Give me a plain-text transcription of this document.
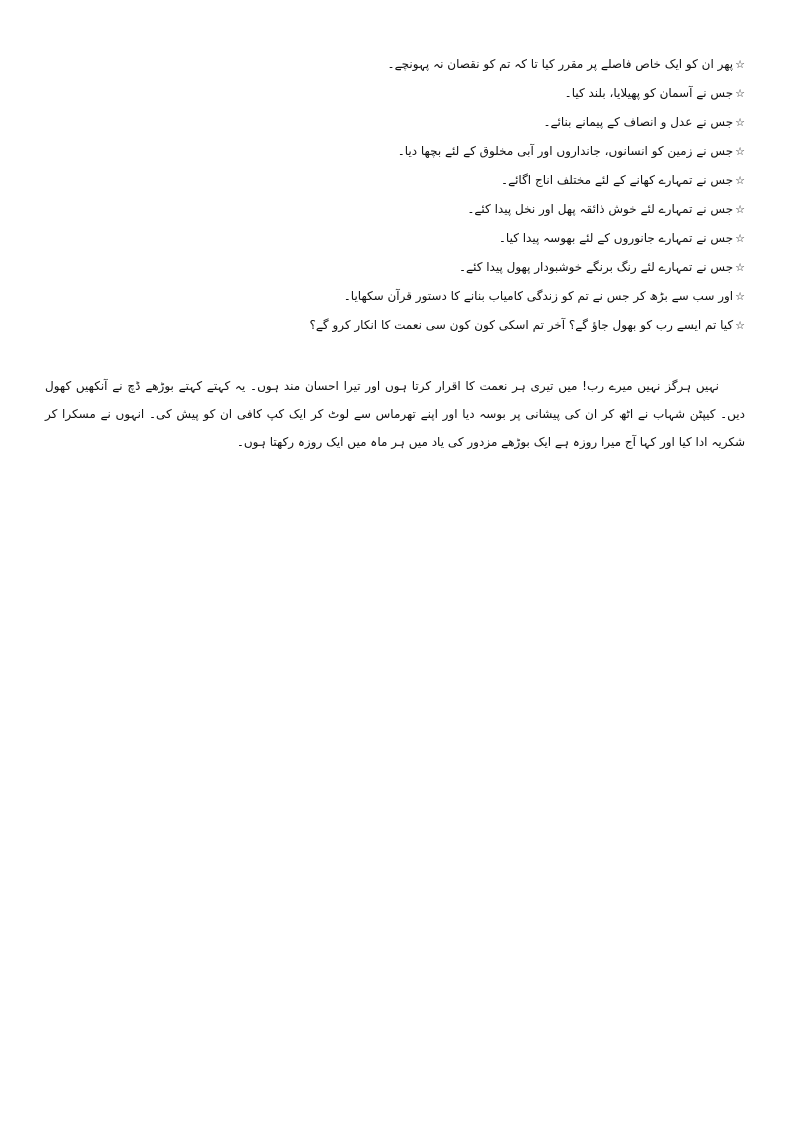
☆پھر ان کو ایک خاص فاصلے پر مقرر کیا تا کہ تم کو نقصان نہ پہونچے۔
☆جس نے آسمان کو پھیلایا، بلند کیا۔
☆جس نے عدل و انصاف کے پیمانے بنائے۔
☆جس نے زمین کو انسانوں، جانداروں اور آبی مخلوق کے لئے بچھا دیا۔
☆جس نے تمہارے کھانے کے لئے مختلف اناج اگائے۔
☆جس نے تمہارے لئے خوش ذائقہ پھل اور نخل پیدا کئے۔
☆جس نے تمہارے جانوروں کے لئے بھوسہ پیدا کیا۔
☆جس نے تمہارے لئے رنگ برنگے خوشبودار پھول پیدا کئے۔
☆اور سب سے بڑھ کر جس نے تم کو زندگی کامیاب بنانے کا دستور قرآن سکھایا۔
☆کیا تم ایسے رب کو بھول جاؤ گے؟ آخر تم اسکی کون کون سی نعمت کا انکار کرو گے؟

نہیں ہرگز نہیں میرے رب! میں تیری ہر نعمت کا اقرار کرتا ہوں اور تیرا احسان مند ہوں۔ یہ کہتے کہتے بوڑھے ڈچ نے آنکھیں کھول دیں۔ کیپٹن شہاب نے اٹھ کر ان کی پیشانی پر بوسہ دیا اور اپنے تھرماس سے لوٹ کر ایک کپ کافی ان کو پیش کی۔ انہوں نے مسکرا کر شکریہ ادا کیا اور کہا آج میرا روزہ ہے ایک بوڑھے مزدور کی یاد میں ہر ماہ میں ایک روزہ رکھتا ہوں۔
